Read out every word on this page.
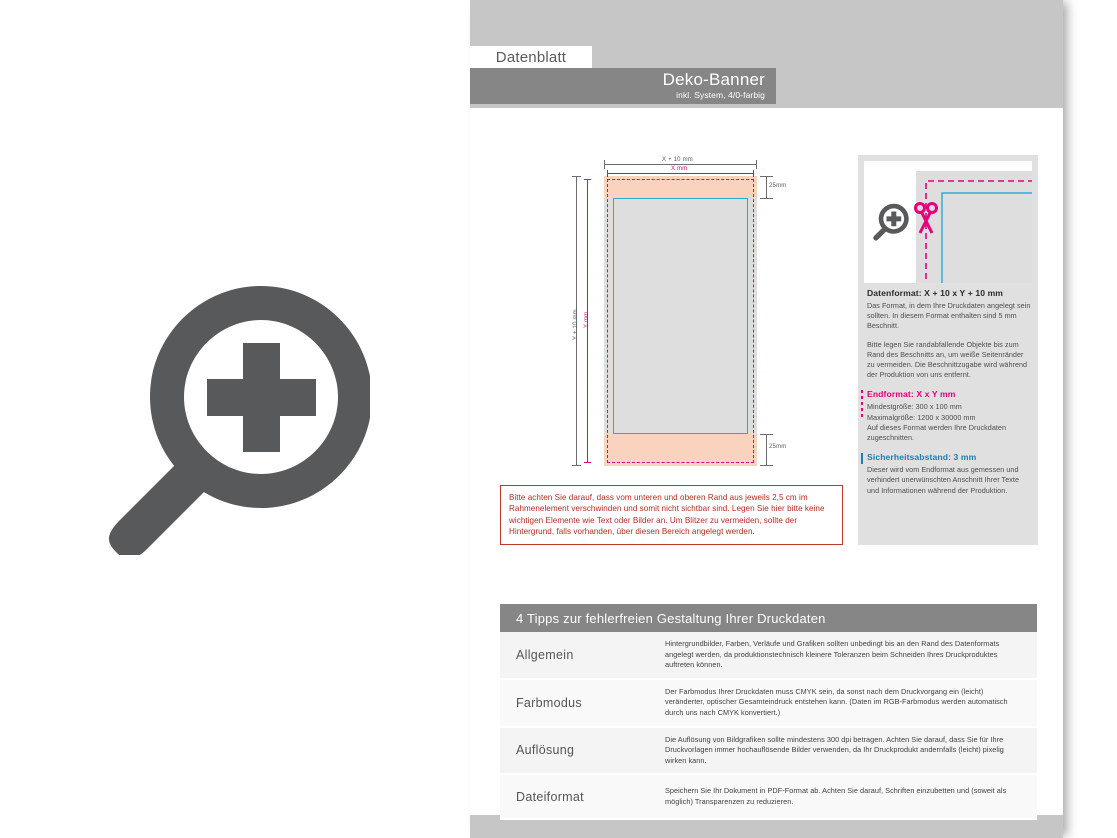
Datenblatt
Deko-Banner
inkl. System, 4/0-farbig
X + 10 mm
X mm
Y + 10 mm Y mm
25mm
25mm

Bitte achten Sie darauf, dass vom unteren und oberen Rand aus jeweils 2,5 cm im Rahmenelement verschwinden und somit nicht sichtbar sind. Legen Sie hier bitte keine wichtigen Elemente wie Text oder Bilder an. Um Blitzer zu vermeiden, sollte der Hintergrund, falls vorhanden, über diesen Bereich angelegt werden.

Datenformat: X + 10 x Y + 10 mm

Das Format, in dem Ihre Druckdaten angelegt sein sollten. In diesem Format enthalten sind 5 mm Beschnitt.

Bitte legen Sie randabfallende Objekte bis zum Rand des Beschnitts an, um weiße Seitenränder zu vermeiden. Die Beschnittzugabe wird während der Produktion von uns entfernt.

Endformat: X x Y mm

Mindestgröße: 300 x 100 mm

Maximalgröße: 1200 x 30000 mm

Auf dieses Format werden Ihre Druckdaten zugeschnitten.

Sicherheitsabstand: 3 mm

Dieser wird vom Endformat aus gemessen und verhindert unerwünschten Anschnitt Ihrer Texte und Informationen während der Produktion.

4 Tipps zur fehlerfreien Gestaltung Ihrer Druckdaten
Allgemein
Hintergrundbilder, Farben, Verläufe und Grafiken sollten unbedingt bis an den Rand des Datenformats angelegt werden, da produktionstechnisch kleinere Toleranzen beim Schneiden Ihres Druckproduktes auftreten können.
Farbmodus
Der Farbmodus Ihrer Druckdaten muss CMYK sein, da sonst nach dem Druckvorgang ein (leicht) veränderter, optischer Gesamteindruck entstehen kann. (Daten im RGB-Farbmodus werden automatisch durch uns nach CMYK konvertiert.)
Auflösung
Die Auflösung von Bildgrafiken sollte mindestens 300 dpi betragen. Achten Sie darauf, dass Sie für Ihre Druckvorlagen immer hochauflösende Bilder verwenden, da Ihr Druckprodukt andernfalls (leicht) pixelig wirken kann.
Dateiformat	Speichern Sie Ihr Dokument in PDF-Format ab. Achten Sie darauf, Schriften einzubetten und (soweit als möglich) Transparenzen zu reduzieren.
